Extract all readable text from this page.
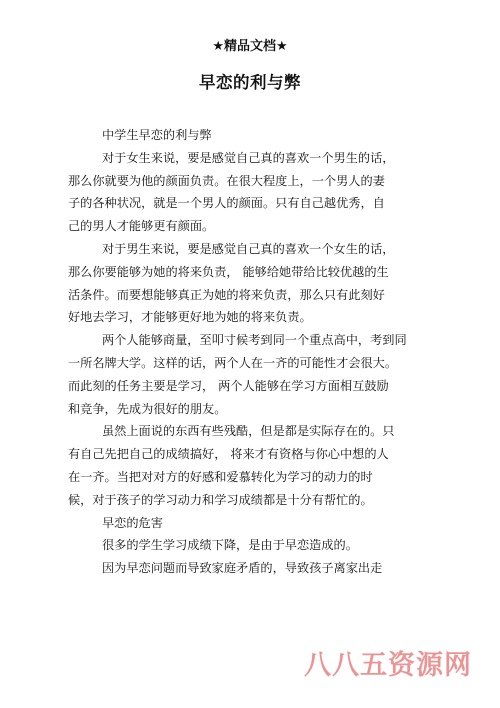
★精品文档★
早恋的利与弊
中学生早恋的利与弊
对于女生来说，要是感觉自己真的喜欢一个男生的话，
那么你就要为他的颜面负责。在很大程度上，一个男人的妻
子的各种状况，就是一个男人的颜面。只有自己越优秀，自
己的男人才能够更有颜面。
对于男生来说，要是感觉自己真的喜欢一个女生的话，
那么你要能够为她的将来负责， 能够给她带给比较优越的生
活条件。而要想能够真正为她的将来负责，那么只有此刻好
好地去学习，才能够更好地为她的将来负责。
两个人能够商量，至叩寸候考到同一个重点高中，考到同
一所名牌大学。这样的话，两个人在一齐的可能性才会很大。
而此刻的任务主要是学习， 两个人能够在学习方面相互鼓励
和竞争，先成为很好的朋友。
虽然上面说的东西有些残酷，但是都是实际存在的。只
有自己先把自己的成绩搞好， 将来才有资格与你心中想的人
在一齐。当把对对方的好感和爱慕转化为学习的动力的时
候，对于孩子的学习动力和学习成绩都是十分有帮忙的。
早恋的危害
很多的学生学习成绩下降，是由于早恋造成的。
因为早恋问题而导致家庭矛盾的，导致孩子离家出走
八八五资源网
